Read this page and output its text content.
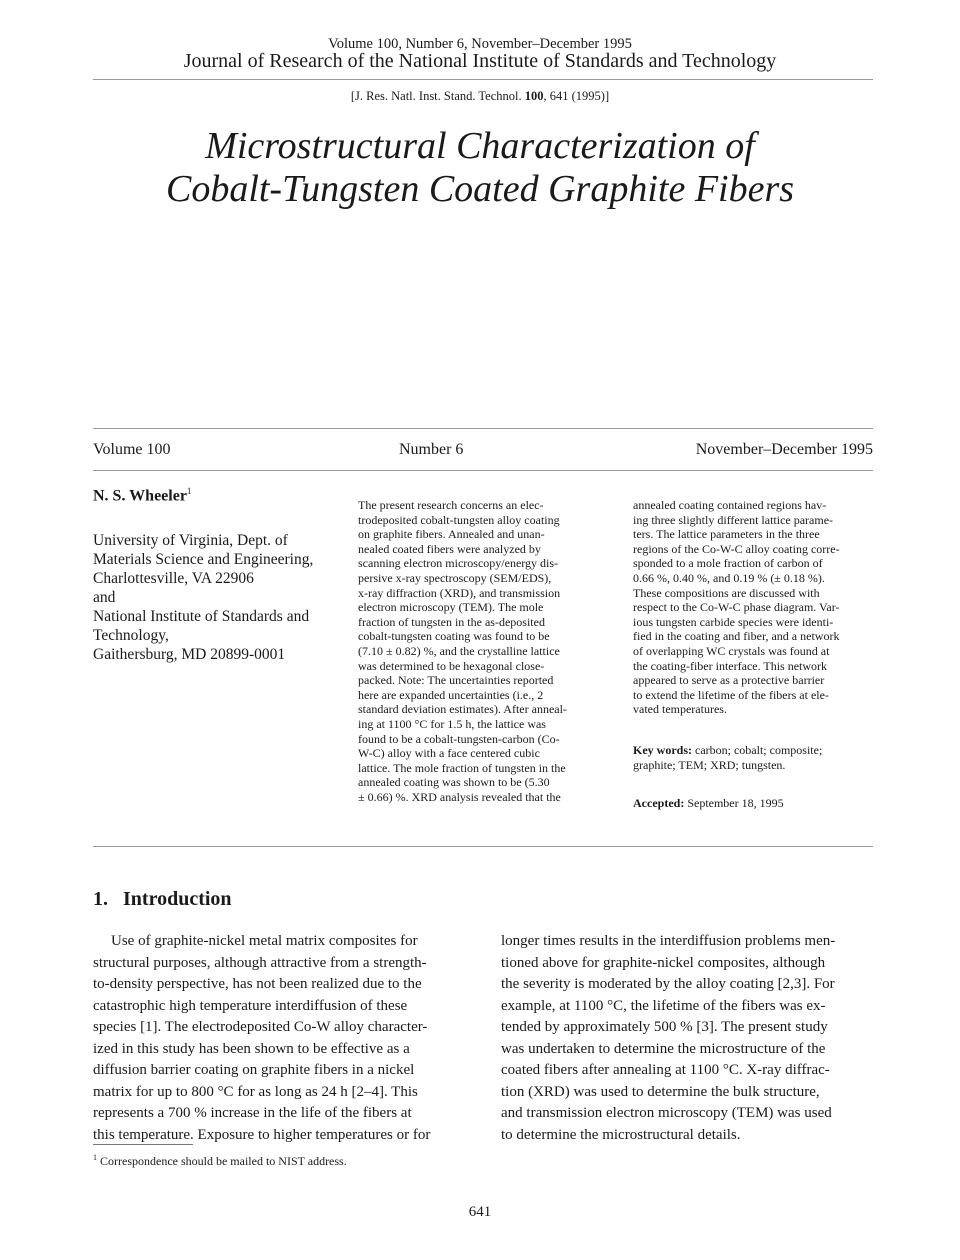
Volume 100, Number 6, November–December 1995
Journal of Research of the National Institute of Standards and Technology
[J. Res. Natl. Inst. Stand. Technol. 100, 641 (1995)]
Microstructural Characterization of
Cobalt-Tungsten Coated Graphite Fibers
Volume 100	Number 6	November–December 1995
N. S. Wheeler$^1$
University of Virginia, Dept. of
Materials Science and Engineering,
Charlottesville, VA 22906
and
National Institute of Standards and
Technology,
Gaithersburg, MD 20899-0001
The present research concerns an elec-
trodeposited cobalt-tungsten alloy coating
on graphite fibers. Annealed and unan-
nealed coated fibers were analyzed by
scanning electron microscopy/energy dis-
persive x-ray spectroscopy (SEM/EDS),
x-ray diffraction (XRD), and transmission
electron microscopy (TEM). The mole
fraction of tungsten in the as-deposited
cobalt-tungsten coating was found to be
(7.10 ± 0.82) %, and the crystalline lattice
was determined to be hexagonal close-
packed. Note: The uncertainties reported
here are expanded uncertainties (i.e., 2
standard deviation estimates). After anneal-
ing at 1100 °C for 1.5 h, the lattice was
found to be a cobalt-tungsten-carbon (Co-
W-C) alloy with a face centered cubic
lattice. The mole fraction of tungsten in the
annealed coating was shown to be (5.30
± 0.66) %. XRD analysis revealed that the
annealed coating contained regions hav-
ing three slightly different lattice parame-
ters. The lattice parameters in the three
regions of the Co-W-C alloy coating corre-
sponded to a mole fraction of carbon of
0.66 %, 0.40 %, and 0.19 % (± 0.18 %).
These compositions are discussed with
respect to the Co-W-C phase diagram. Var-
ious tungsten carbide species were identi-
fied in the coating and fiber, and a network
of overlapping WC crystals was found at
the coating-fiber interface. This network
appeared to serve as a protective barrier
to extend the lifetime of the fibers at ele-
vated temperatures.
Key words: carbon; cobalt; composite;
graphite; TEM; XRD; tungsten.
Accepted: September 18, 1995
1.   Introduction
Use of graphite-nickel metal matrix composites for
structural purposes, although attractive from a strength-
to-density perspective, has not been realized due to the
catastrophic high temperature interdiffusion of these
species [1]. The electrodeposited Co-W alloy character-
ized in this study has been shown to be effective as a
diffusion barrier coating on graphite fibers in a nickel
matrix for up to 800 °C for as long as 24 h [2–4]. This
represents a 700 % increase in the life of the fibers at
this temperature. Exposure to higher temperatures or for
longer times results in the interdiffusion problems men-
tioned above for graphite-nickel composites, although
the severity is moderated by the alloy coating [2,3]. For
example, at 1100 °C, the lifetime of the fibers was ex-
tended by approximately 500 % [3]. The present study
was undertaken to determine the microstructure of the
coated fibers after annealing at 1100 °C. X-ray diffrac-
tion (XRD) was used to determine the bulk structure,
and transmission electron microscopy (TEM) was used
to determine the microstructural details.
$^1$ Correspondence should be mailed to NIST address.
641
